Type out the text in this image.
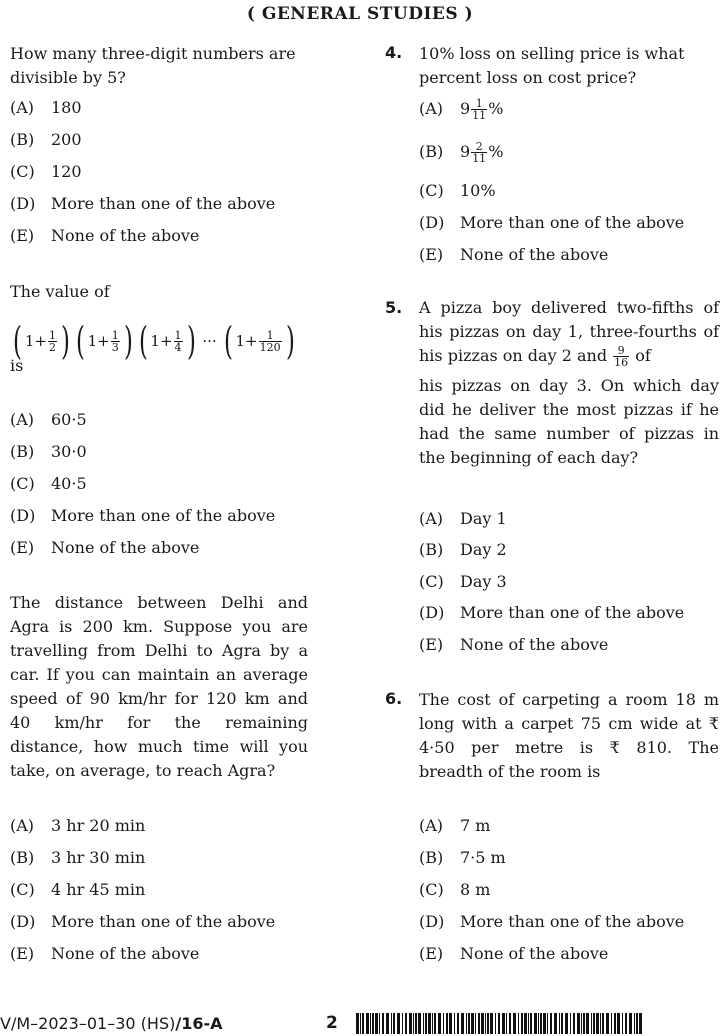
( GENERAL STUDIES )

How many three-digit numbers are divisible by 5?

(A) 180
(B) 200
(C) 120
(D) More than one of the above
(E) None of the above

The value of

( $1 + \frac{1}{2}$ ) ( $1 + \frac{1}{3}$ ) ( $1 + \frac{1}{4}$ ) ··· ( $1 + \frac{1}{120}$ )

is

(A) 60·5
(B) 30·0
(C) 40·5
(D) More than one of the above
(E) None of the above

The distance between Delhi and Agra is 200 km. Suppose you are travelling from Delhi to Agra by a car. If you can maintain an average speed of 90 km/hr for 120 km and 40 km/hr for the remaining distance, how much time will you take, on average, to reach Agra?

(A) 3 hr 20 min
(B) 3 hr 30 min
(C) 4 hr 45 min
(D) More than one of the above
(E) None of the above
4. 10% loss on selling price is what percent loss on cost price?

(A) $9 \frac{1}{11}$ %
(B) $9 \frac{2}{11}$ %
(C) 10%
(D) More than one of the above
(E) None of the above
5. A pizza boy delivered two-fifths of his pizzas on day 1, three-fourths of his pizzas on day 2 and $\frac{9}{16}$ of

his pizzas on day 3. On which day did he deliver the most pizzas if he had the same number of pizzas in the beginning of each day?

(A) Day 1
(B) Day 2
(C) Day 3
(D) More than one of the above
(E) None of the above
6. The cost of carpeting a room 18 m long with a carpet 75 cm wide at ₹ 4·50 per metre is ₹ 810. The breadth of the room is

(A) 7 m
(B) 7·5 m
(C) 8 m
(D) More than one of the above
(E) None of the above
V/M–2023–01–30 (HS)/16-A	2
